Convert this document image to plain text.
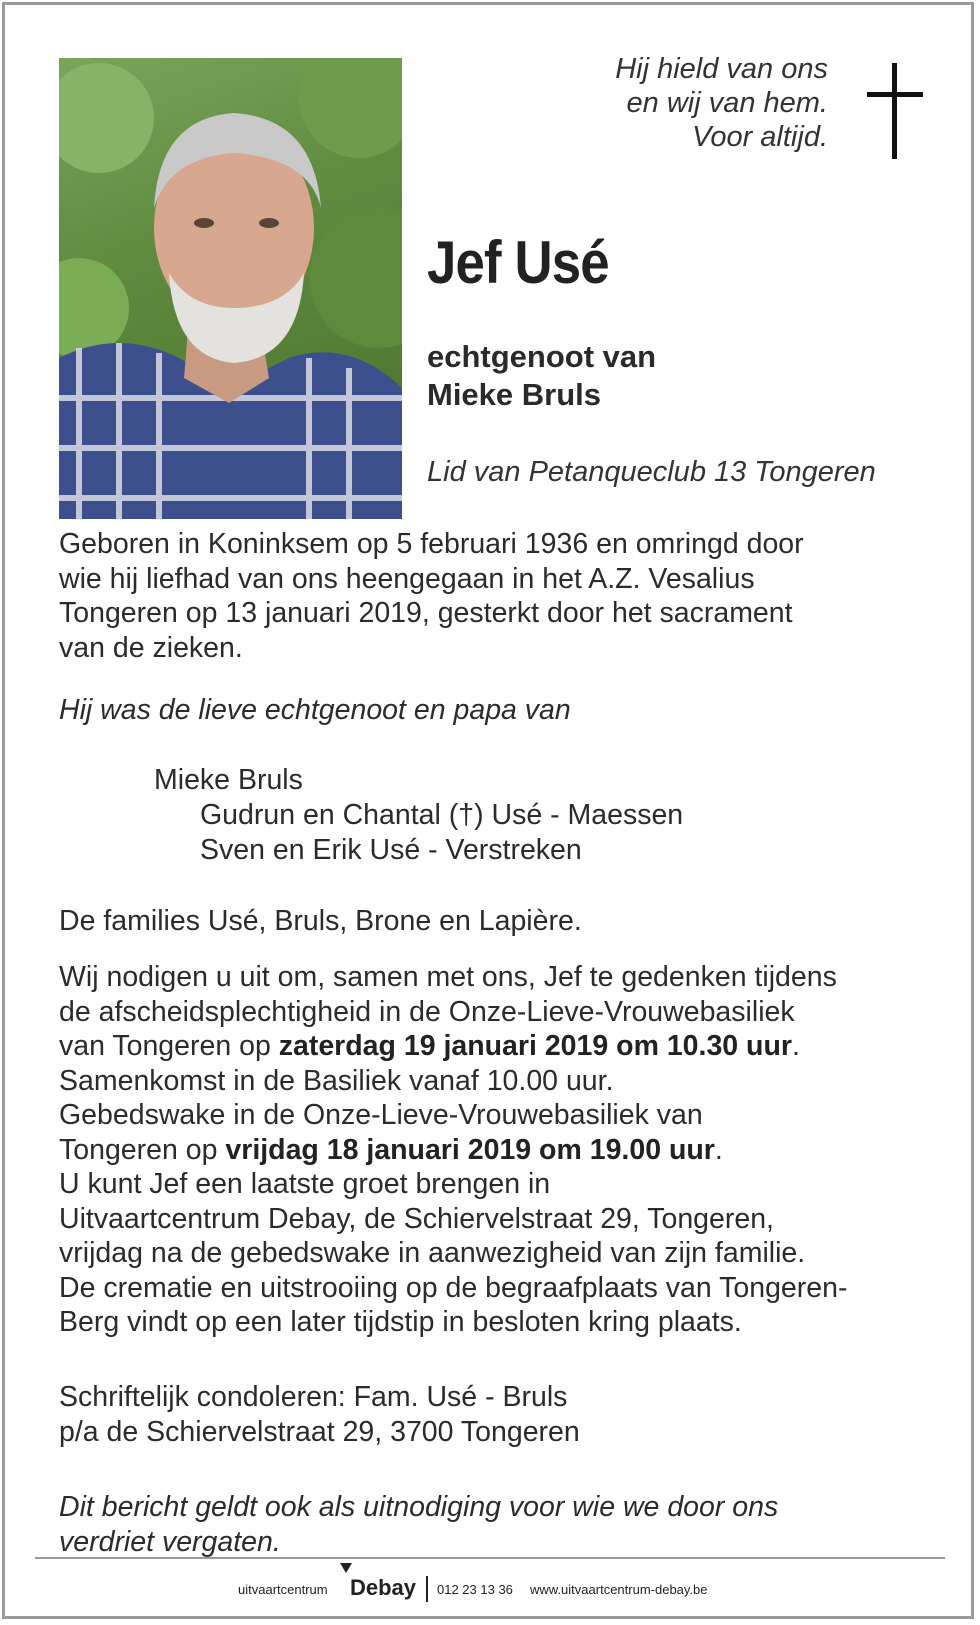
Hij hield van ons
en wij van hem.
Voor altijd.
Jef Usé
echtgenoot van
Mieke Bruls
Lid van Petanqueclub 13 Tongeren
Geboren in Koninksem op 5 februari 1936 en omringd door
wie hij liefhad van ons heengegaan in het A.Z. Vesalius
Tongeren op 13 januari 2019, gesterkt door het sacrament
van de zieken.
Hij was de lieve echtgenoot en papa van
Mieke Bruls
Gudrun en Chantal (†) Usé - Maessen
Sven en Erik Usé - Verstreken
De families Usé, Bruls, Brone en Lapière.
Wij nodigen u uit om, samen met ons, Jef te gedenken tijdens
de afscheidsplechtigheid in de Onze-Lieve-Vrouwebasiliek
van Tongeren op zaterdag 19 januari 2019 om 10.30 uur.
Samenkomst in de Basiliek vanaf 10.00 uur.
Gebedswake in de Onze-Lieve-Vrouwebasiliek van
Tongeren op vrijdag 18 januari 2019 om 19.00 uur.
U kunt Jef een laatste groet brengen in
Uitvaartcentrum Debay, de Schiervelstraat 29, Tongeren,
vrijdag na de gebedswake in aanwezigheid van zijn familie.
De crematie en uitstrooiing op de begraafplaats van Tongeren-
Berg vindt op een later tijdstip in besloten kring plaats.
Schriftelijk condoleren: Fam. Usé - Bruls
p/a de Schiervelstraat 29, 3700 Tongeren
Dit bericht geldt ook als uitnodiging voor wie we door ons
verdriet vergaten.
uitvaartcentrum Debay 012 23 13 36 www.uitvaartcentrum-debay.be
